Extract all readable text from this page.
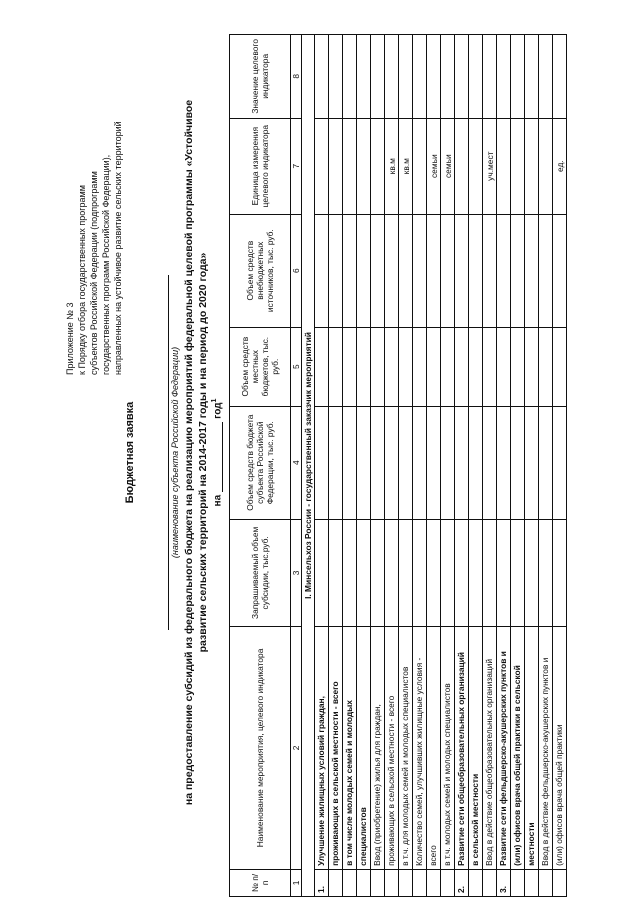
Приложение № 3 к Порядку отбора государственных программ субъектов Российской Федерации (подпрограмм государственных программ Российской Федерации), направленных на устойчивое развитие сельских территорий
Бюджетная заявка	(наименование субъекта Российской Федерации) на предоставление субсидий из федерального бюджета на реализацию мероприятий федеральной целевой программы «Устойчивое развитие сельских территорий на 2014-2017 годы и на период до 2020 года» нагод$^1$
№ п/п	Наименование мероприятия, целевого индикатора	Запрашиваемый объем субсидии, тыс.руб.	Объем средств бюджета субъекта Российской Федерации, тыс. руб.	Объем средств местных бюджетов, тыс. руб.	Объем средств внебюджетных источников, тыс. руб.	Единица измерения целевого индикатора	Значение целевого индикатора
1	2	3	4	5	6	7	8
I. Минсельхоз России - государственный заказчик мероприятий							
1.	Улучшение жилищных условий граждан,						
	проживающих в сельской местности - всего						
	в том числе молодых семей и молодых						
	специалистов						
	Ввод (приобретение) жилья для граждан,						
	проживающих в сельской местности - всего					кв.м	
	в т.ч. для молодых семей и молодых специалистов					кв.м	
	Количество семей, улучшивших жилищные условия -						
	всего					семьи	
	в т.ч. молодых семей и молодых специалистов					семьи	
2.	Развитие сети общеобразовательных организаций						
	в сельской местности						
	Ввод в действие общеобразовательных организаций					уч.мест	
3.	Развитие сети фельдшерско-акушерских пунктов и						
	(или) офисов врача общей практики в сельской						
	местности						
	Ввод в действие фельдшерско-акушерских пунктов и						
	(или) офисов врача общей практики					ед.	
